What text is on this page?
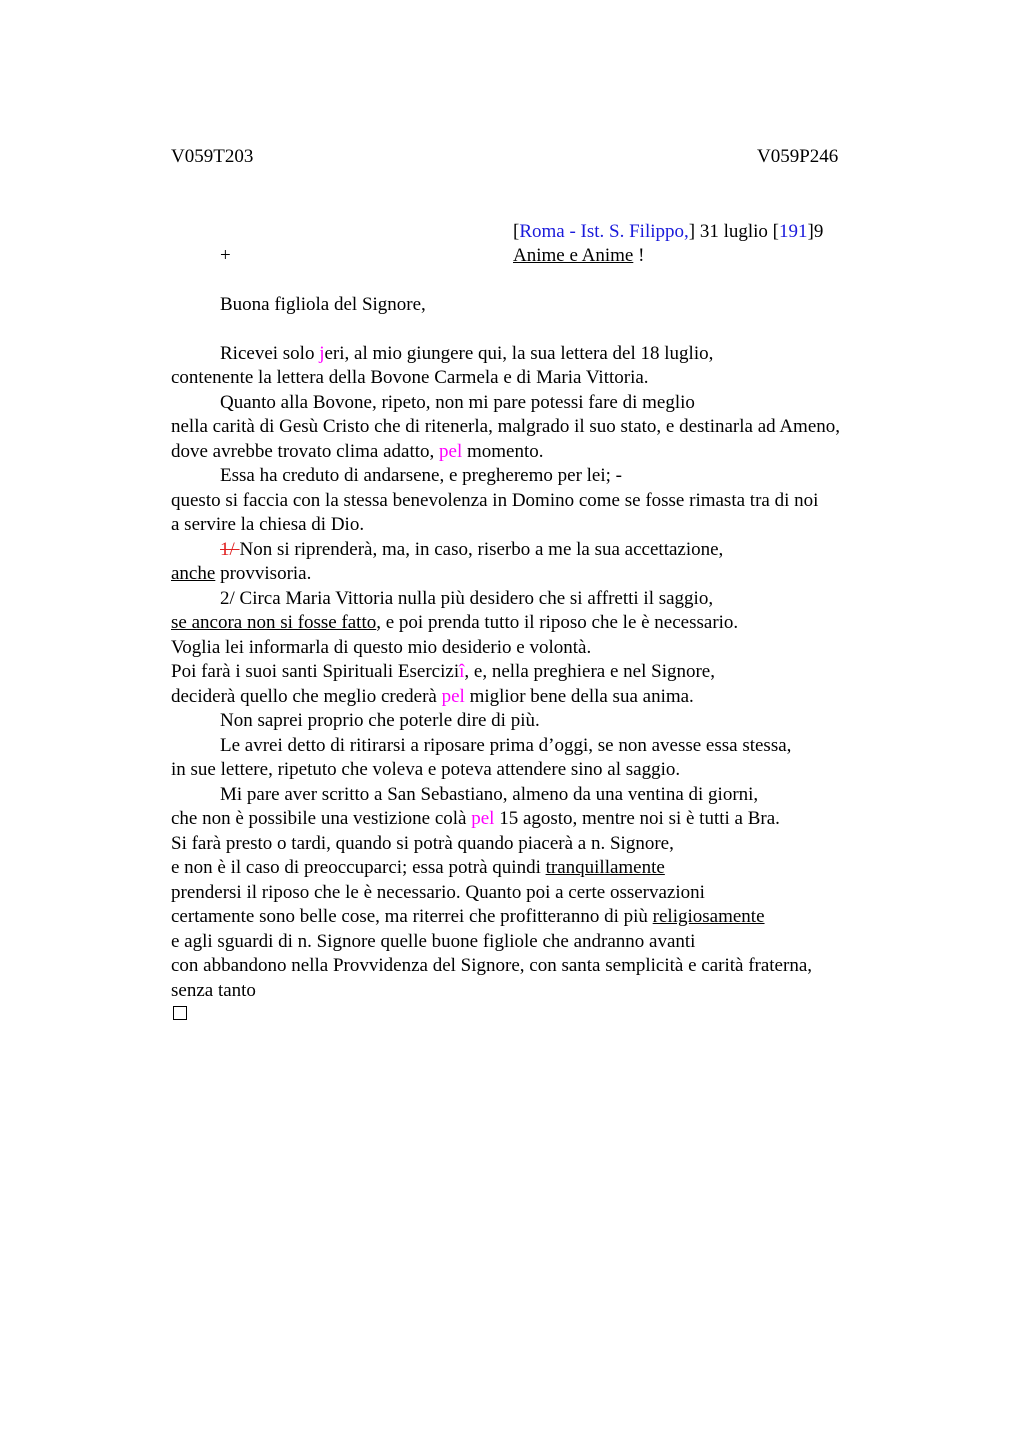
V059T203	V059P246
[Roma - Ist. S. Filippo,] 31 luglio [191]9
+	Anime e Anime !
Buona figliola del Signore,
Ricevei solo jeri, al mio giungere qui, la sua lettera del 18 luglio,
contenente la lettera della Bovone Carmela e di Maria Vittoria.
Quanto alla Bovone, ripeto, non mi pare potessi fare di meglio
nella carità di Gesù Cristo che di ritenerla, malgrado il suo stato, e destinarla ad Ameno,
dove avrebbe trovato clima adatto, pel momento.
Essa ha creduto di andarsene, e pregheremo per lei; -
questo si faccia con la stessa benevolenza in Domino come se fosse rimasta tra di noi
a servire la chiesa di Dio.
1/ Non si riprenderà, ma, in caso, riserbo a me la sua accettazione,
anche provvisoria.
2/ Circa Maria Vittoria nulla più desidero che si affretti il saggio,
se ancora non si fosse fatto, e poi prenda tutto il riposo che le è necessario.
Voglia lei informarla di questo mio desiderio e volontà.
Poi farà i suoi santi Spirituali Eserciziî, e, nella preghiera e nel Signore,
deciderà quello che meglio crederà pel miglior bene della sua anima.
Non saprei proprio che poterle dire di più.
Le avrei detto di ritirarsi a riposare prima d’oggi, se non avesse essa stessa,
in sue lettere, ripetuto che voleva e poteva attendere sino al saggio.
Mi pare aver scritto a San Sebastiano, almeno da una ventina di giorni,
che non è possibile una vestizione colà pel 15 agosto, mentre noi si è tutti a Bra.
Si farà presto o tardi, quando si potrà quando piacerà a n. Signore,
e non è il caso di preoccuparci; essa potrà quindi tranquillamente
prendersi il riposo che le è necessario. Quanto poi a certe osservazioni
certamente sono belle cose, ma riterrei che profitteranno di più religiosamente
e agli sguardi di n. Signore quelle buone figliole che andranno avanti
con abbandono nella Provvidenza del Signore, con santa semplicità e carità fraterna,
senza tanto
